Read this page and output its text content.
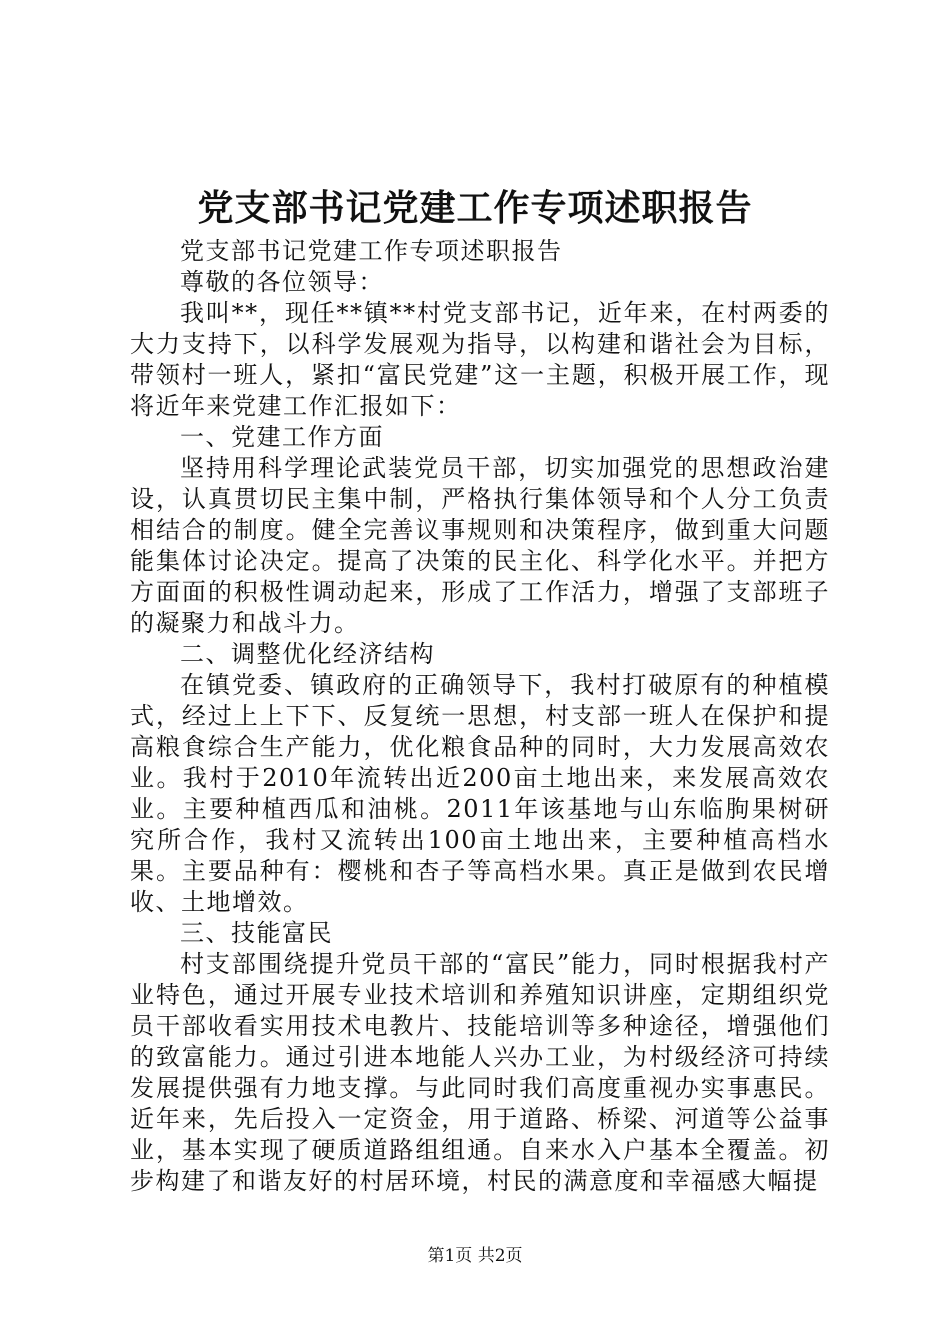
党支部书记党建工作专项述职报告

党支部书记党建工作专项述职报告

尊敬的各位领导：

我叫**，现任**镇**村党支部书记，近年来，在村两委的大力支持下，以科学发展观为指导，以构建和谐社会为目标，带领村一班人，紧扣“富民党建”这一主题，积极开展工作，现将近年来党建工作汇报如下：

一、党建工作方面

坚持用科学理论武装党员干部，切实加强党的思想政治建设，认真贯切民主集中制，严格执行集体领导和个人分工负责相结合的制度。健全完善议事规则和决策程序，做到重大问题能集体讨论决定。提高了决策的民主化、科学化水平。并把方方面面的积极性调动起来，形成了工作活力，增强了支部班子的凝聚力和战斗力。

二、调整优化经济结构

在镇党委、镇政府的正确领导下，我村打破原有的种植模式，经过上上下下、反复统一思想，村支部一班人在保护和提高粮食综合生产能力，优化粮食品种的同时，大力发展高效农业。我村于2010年流转出近200亩土地出来，来发展高效农业。主要种植西瓜和油桃。2011年该基地与山东临朐果树研究所合作，我村又流转出100亩土地出来，主要种植高档水果。主要品种有：樱桃和杏子等高档水果。真正是做到农民增收、土地增效。

三、技能富民

村支部围绕提升党员干部的“富民”能力，同时根据我村产业特色，通过开展专业技术培训和养殖知识讲座，定期组织党员干部收看实用技术电教片、技能培训等多种途径，增强他们的致富能力。通过引进本地能人兴办工业，为村级经济可持续发展提供强有力地支撑。与此同时我们高度重视办实事惠民。近年来，先后投入一定资金，用于道路、桥梁、河道等公益事业，基本实现了硬质道路组组通。自来水入户基本全覆盖。初步构建了和谐友好的村居环境，村民的满意度和幸福感大幅提

第1页 共2页
